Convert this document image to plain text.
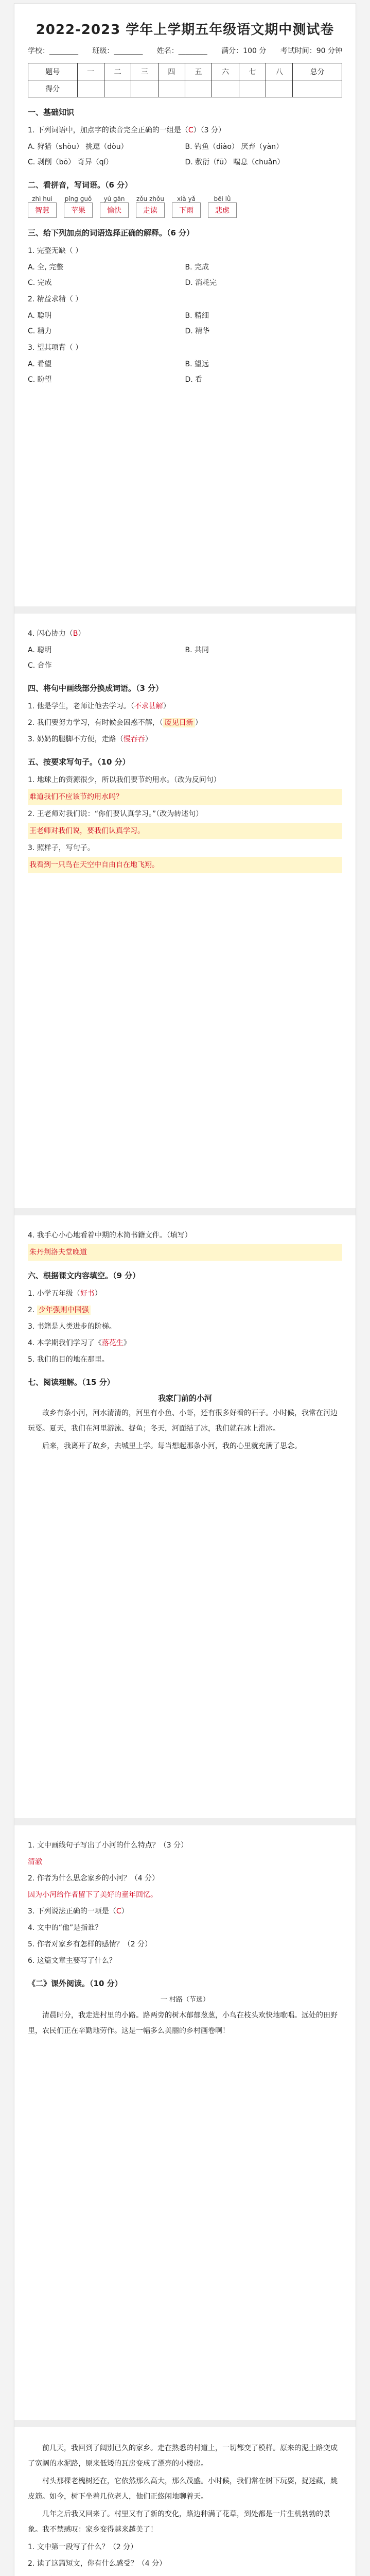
2022-2023 学年上学期五年级语文期中测试卷
学校：________ 班级：________ 姓名：________ 满分：100 分 考试时间：90 分钟
题号	一	二	三	四	五	六	七	八	总分
得分									
一、基础知识

1. 下列词语中，加点字的读音完全正确的一组是（C）（3 分）

A. 狩猎（shòu） 挑逗（dòu）	B. 钓鱼（diào） 厌弃（yàn）
C. 剥削（bō） 奇异（qí）	D. 敷衍（fū） 喘息（chuǎn）
二、看拼音，写词语。（6 分）
zhì huì
智慧
pǐnɡ ɡuǒ
苹果
yú ɡān
愉快
zǒu zhǒu
走读
xià yǎ
下雨
bēi lǜ
悲虑
三、给下列加点的词语选择正确的解释。（6 分）

1. 完整无缺（ ）

A. 全, 完整	B. 完成
C. 完成	D. 消耗完

2. 精益求精（ ）

A. 聪明	B. 精细
C. 精力	D. 精华

3. 望其项背（ ）

A. 希望	B. 望远
C. 盼望	D. 看

4. 闪心协力（B）

A. 聪明	B. 共同
C. 合作
四、将句中画线部分换成词语。（3 分）

1. 他是学生，老师让他去学习。（不求甚解）

2. 我们要努力学习，有时候会困惑不解，（ 厦见日新 ）

3. 奶奶的腿脚不方便，走路（慢吞吞）

五、按要求写句子。（10 分）

1. 地球上的资源很少，所以我们要节约用水。（改为反问句）

难道我们不应该节约用水吗？

2. 王老师对我们说：“你们要认真学习。”（改为转述句）

王老师对我们说，要我们认真学习。

3. 照样子，写句子。

我看到一只鸟在天空中自由自在地飞翔。

4. 我手心小心地看着中期的木简书籍文件。（填写）

朱丹荆洛夫堂晚道

六、根据课文内容填空。（9 分）

1. 小学五年级（好书）

2. 少年强则中国强

3. 书籍是人类进步的阶梯。

4. 本学期我们学习了《落花生》

5. 我们的目的地在那里。

七、阅读理解。（15 分）
我家门前的小河

故乡有条小河，河水清清的，河里有小鱼、小虾，还有很多好看的石子。小时候，我常在河边玩耍。夏天，我们在河里游泳、捉鱼；冬天，河面结了冰，我们就在冰上滑冰。

后来，我离开了故乡，去城里上学。每当想起那条小河，我的心里就充满了思念。

1. 文中画线句子写出了小河的什么特点？（3 分）

清澈

2. 作者为什么思念家乡的小河？（4 分）

因为小河给作者留下了美好的童年回忆。

3. 下列说法正确的一项是（C）

4. 文中的“他”是指谁？

5. 作者对家乡有怎样的感情？（2 分）

6. 这篇文章主要写了什么？

《二》课外阅读。（10 分）
一 村路（节选）

清晨时分，我走进村里的小路。路两旁的树木郁郁葱葱，小鸟在枝头欢快地歌唱。远处的田野里，农民们正在辛勤地劳作。这是一幅多么美丽的乡村画卷啊！

前几天，我回到了阔别已久的家乡。走在熟悉的村道上，一切都变了模样。原来的泥土路变成了宽阔的水泥路，原来低矮的瓦房变成了漂亮的小楼房。

村头那棵老槐树还在，它依然那么高大，那么茂盛。小时候，我们常在树下玩耍，捉迷藏，跳皮筋。如今，树下坐着几位老人，他们正悠闲地聊着天。

几年之后我又回来了。村里又有了新的变化，路边种满了花草，到处都是一片生机勃勃的景象。我不禁感叹：家乡变得越来越美了！

1. 文中第一段写了什么？（2 分）

2. 读了这篇短文，你有什么感受？（4 分）
